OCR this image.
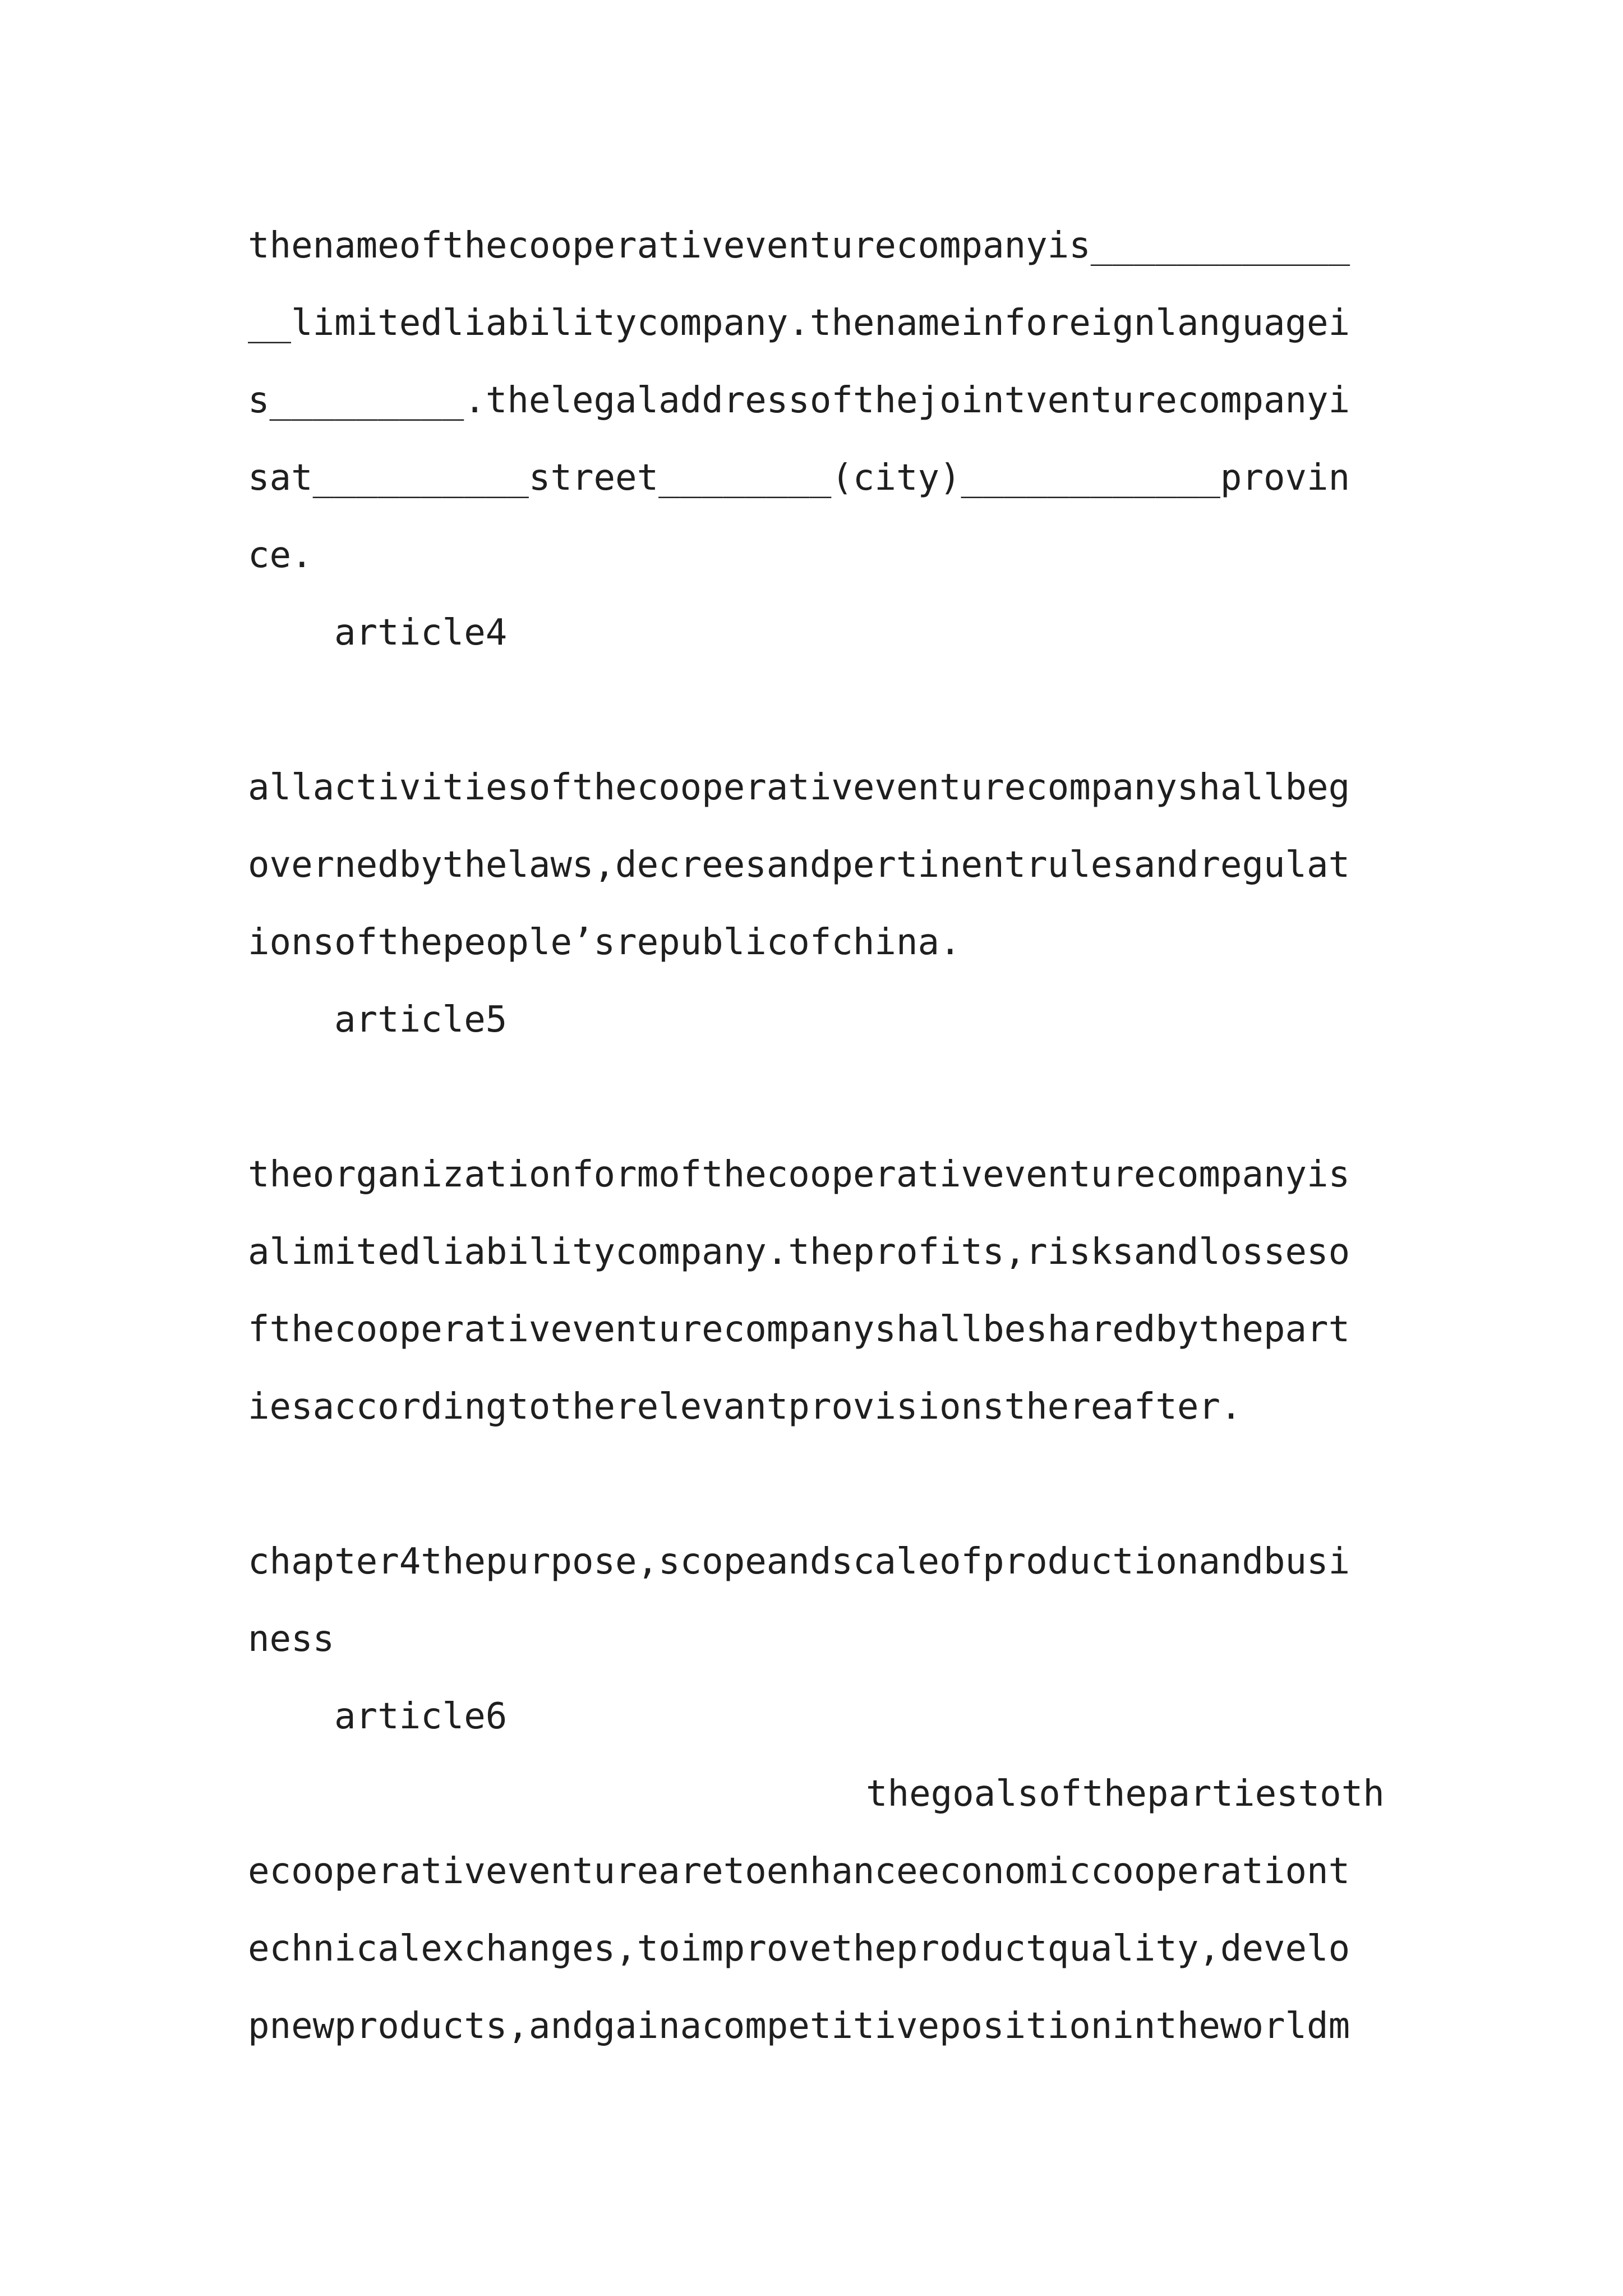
thenameofthecooperativeventurecompanyis____________

__limitedliabilitycompany.thenameinforeignlanguagei

s_________.thelegaladdressofthejointventurecompanyi

sat__________street________(city)____________provin

ce.

article4

allactivitiesofthecooperativeventurecompanyshallbeg

overnedbythelaws,decreesandpertinentrulesandregulat

ionsofthepeople’srepublicofchina.

article5

theorganizationformofthecooperativeventurecompanyis

alimitedliabilitycompany.theprofits,risksandlosseso

fthecooperativeventurecompanyshallbesharedbythepart

iesaccordingtotherelevantprovisionsthereafter.

chapter4thepurpose,scopeandscaleofproductionandbusi

ness

article6

thegoalsofthepartiestoth

ecooperativeventurearetoenhanceeconomiccooperationt

echnicalexchanges,toimprovetheproductquality,develo

pnewproducts,andgainacompetitivepositionintheworldm
